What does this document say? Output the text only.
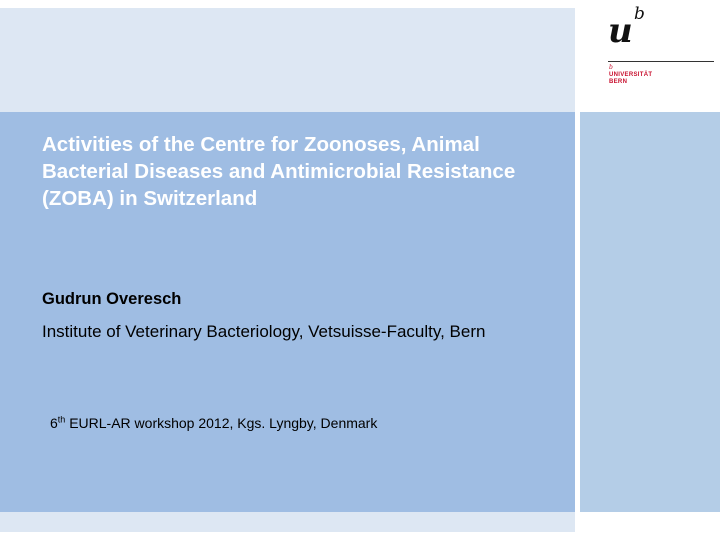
u b
b
UNIVERSITÄT
BERN
Activities of the Centre for Zoonoses, Animal Bacterial Diseases and Antimicrobial Resistance (ZOBA) in Switzerland
Gudrun Overesch
Institute of Veterinary Bacteriology, Vetsuisse-Faculty, Bern
6th EURL-AR workshop 2012, Kgs. Lyngby, Denmark
